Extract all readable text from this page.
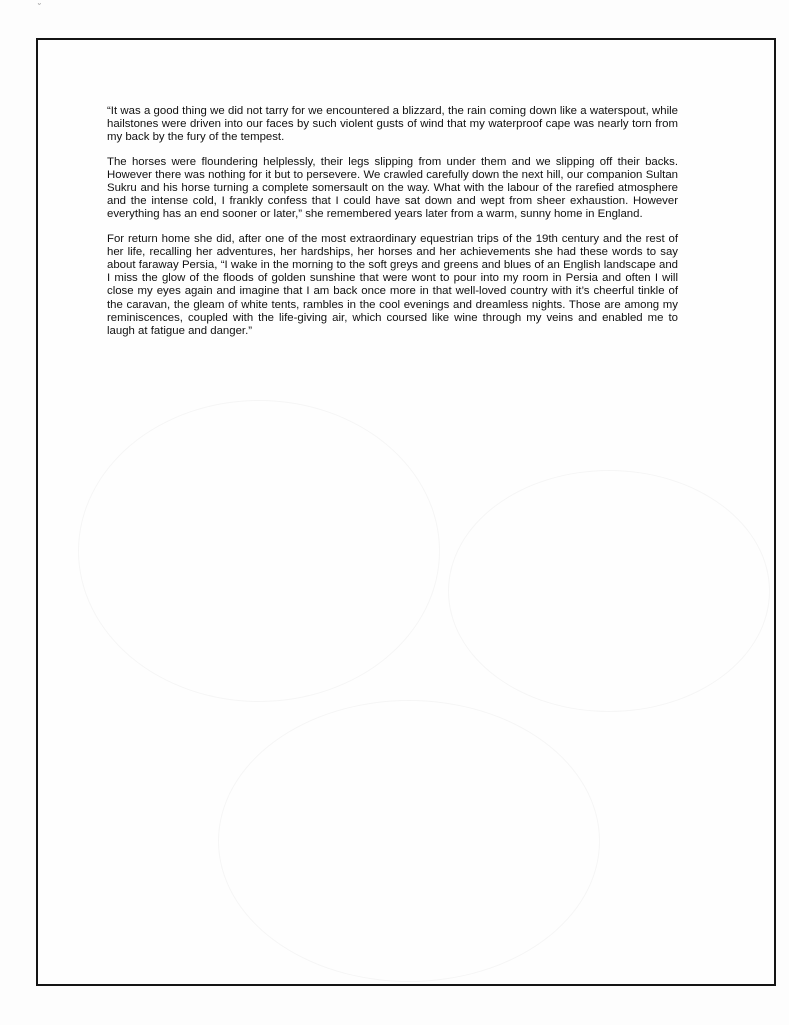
˘

“It was a good thing we did not tarry for we encountered a blizzard, the rain coming down like a waterspout, while hailstones were driven into our faces by such violent gusts of wind that my waterproof cape was nearly torn from my back by the fury of the tempest.

The horses were floundering helplessly, their legs slipping from under them and we slipping off their backs. However there was nothing for it but to persevere. We crawled carefully down the next hill, our companion Sultan Sukru and his horse turning a complete somersault on the way. What with the labour of the rarefied atmosphere and the intense cold, I frankly confess that I could have sat down and wept from sheer exhaustion. However everything has an end sooner or later,” she remembered years later from a warm, sunny home in England.

For return home she did, after one of the most extraordinary equestrian trips of the 19th century and the rest of her life, recalling her adventures, her hardships, her horses and her achievements she had these words to say about faraway Persia, “I wake in the morning to the soft greys and greens and blues of an English landscape and I miss the glow of the floods of golden sunshine that were wont to pour into my room in Persia and often I will close my eyes again and imagine that I am back once more in that well-loved country with it’s cheerful tinkle of the caravan, the gleam of white tents, rambles in the cool evenings and dreamless nights. Those are among my reminiscences, coupled with the life-giving air, which coursed like wine through my veins and enabled me to laugh at fatigue and danger.”
